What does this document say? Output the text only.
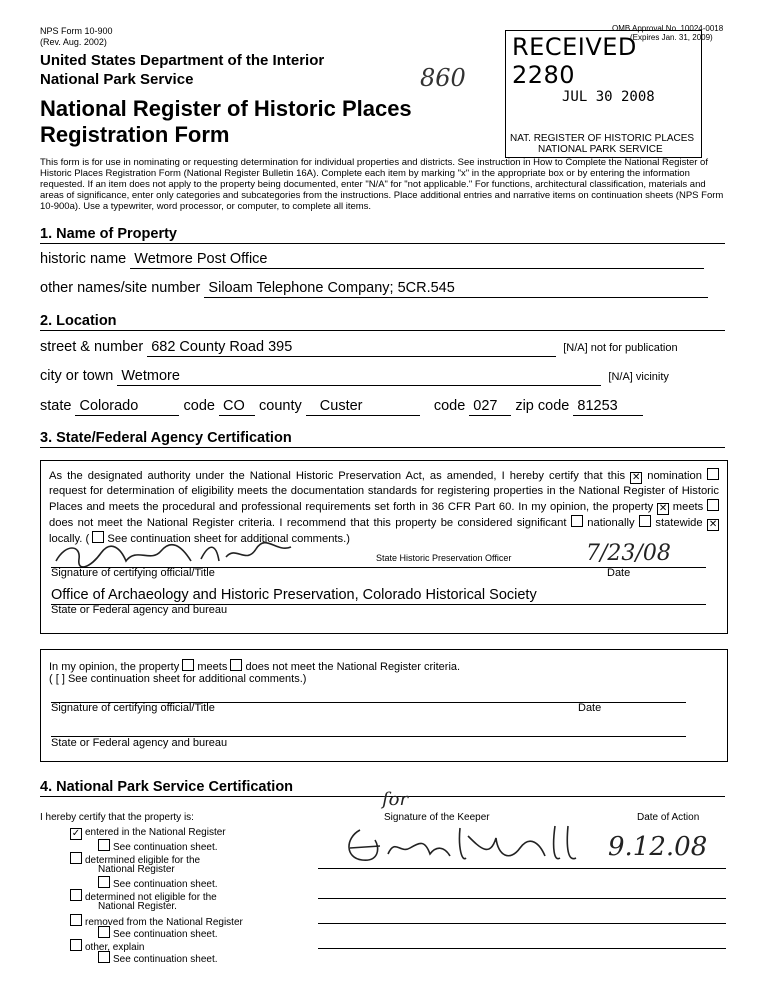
NPS Form 10-900
(Rev. Aug. 2002)
OMB Approval No. 10024-0018
(Expires Jan. 31, 2009)
United States Department of the Interior
National Park Service	860
RECEIVED 2280
JUL 30 2008
NAT. REGISTER OF HISTORIC PLACES
NATIONAL PARK SERVICE
National Register of Historic Places
Registration Form
This form is for use in nominating or requesting determination for individual properties and districts. See instruction in How to Complete the National Register of Historic Places Registration Form (National Register Bulletin 16A). Complete each item by marking "x" in the appropriate box or by entering the information requested. If an item does not apply to the property being documented, enter "N/A" for "not applicable." For functions, architectural classification, materials and areas of significance, enter only categories and subcategories from the instructions. Place additional entries and narrative items on continuation sheets (NPS Form 10-900a). Use a typewriter, word processor, or computer, to complete all items.
1. Name of Property
historic name Wetmore Post Office
other names/site number Siloam Telephone Company; 5CR.545
2. Location
street & number 682 County Road 395	[N/A] not for publication
city or town Wetmore	[N/A] vicinity
state Colorado	code CO county Custer	code 027 zip code 81253
3. State/Federal Agency Certification
As the designated authority under the National Historic Preservation Act, as amended, I hereby certify that this ✕ nomination  request for determination of eligibility meets the documentation standards for registering properties in the National Register of Historic Places and meets the procedural and professional requirements set forth in 36 CFR Part 60. In my opinion, the property ✕ meets  does not meet the National Register criteria. I recommend that this property be considered significant nationally statewide ✕ locally. ( See continuation sheet for additional comments.)
State Historic Preservation Officer	7/23/08
Signature of certifying official/Title	Date
Office of Archaeology and Historic Preservation, Colorado Historical Society
State or Federal agency and bureau
In my opinion, the property meets does not meet the National Register criteria.
( [ ] See continuation sheet for additional comments.)
Signature of certifying official/Title	Date
State or Federal agency and bureau
4. National Park Service Certification
I hereby certify that the property is:
for
Signature of the Keeper	Date of Action
✓ entered in the National Register
See continuation sheet.
determined eligible for the
National Register
See continuation sheet.
determined not eligible for the
National Register.
removed from the National Register
See continuation sheet.
other, explain
See continuation sheet.
9.12.08
